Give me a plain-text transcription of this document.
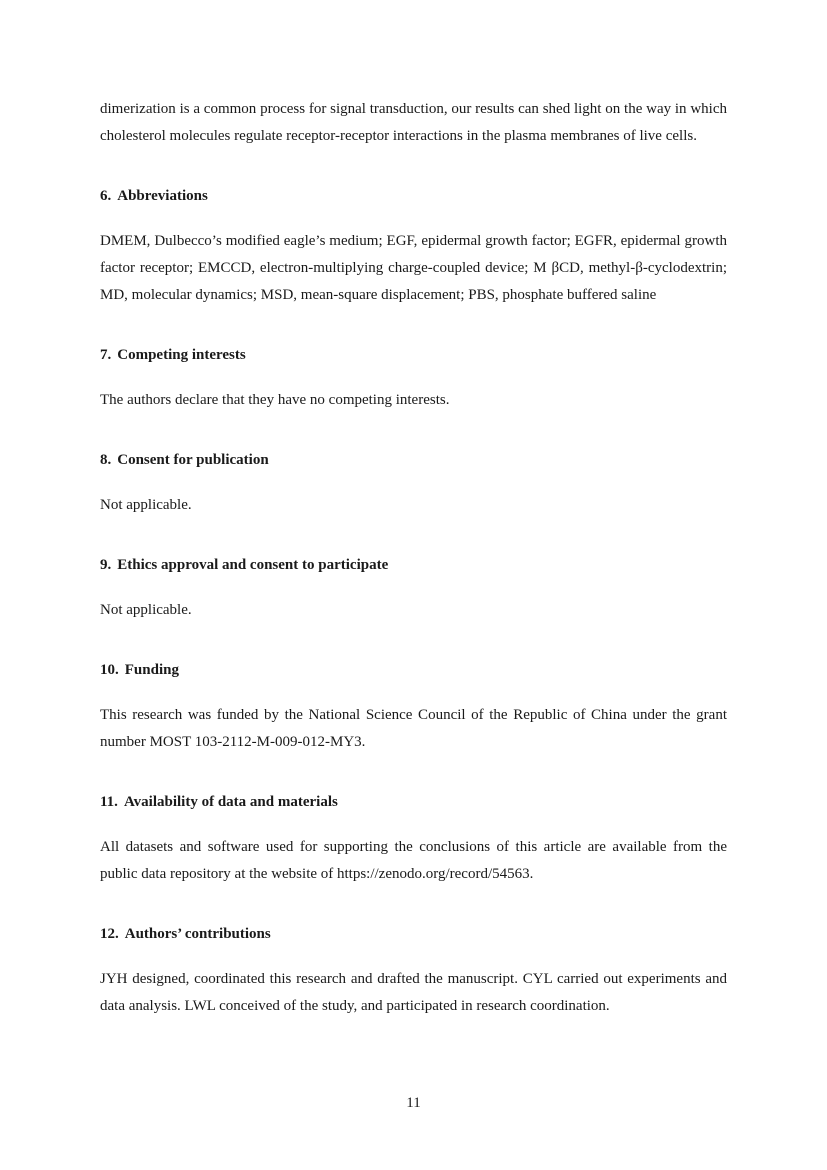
dimerization is a common process for signal transduction, our results can shed light on the way in which cholesterol molecules regulate receptor-receptor interactions in the plasma membranes of live cells.

6. Abbreviations

DMEM, Dulbecco’s modified eagle’s medium; EGF, epidermal growth factor; EGFR, epidermal growth factor receptor; EMCCD, electron-multiplying charge-coupled device; M βCD, methyl-β-cyclodextrin; MD, molecular dynamics; MSD, mean-square displacement; PBS, phosphate buffered saline

7. Competing interests

The authors declare that they have no competing interests.

8. Consent for publication

Not applicable.

9. Ethics approval and consent to participate

Not applicable.

10. Funding

This research was funded by the National Science Council of the Republic of China under the grant number MOST 103-2112-M-009-012-MY3.

11. Availability of data and materials

All datasets and software used for supporting the conclusions of this article are available from the public data repository at the website of https://zenodo.org/record/54563.

12. Authors’ contributions

JYH designed, coordinated this research and drafted the manuscript. CYL carried out experiments and data analysis. LWL conceived of the study, and participated in research coordination.

11
